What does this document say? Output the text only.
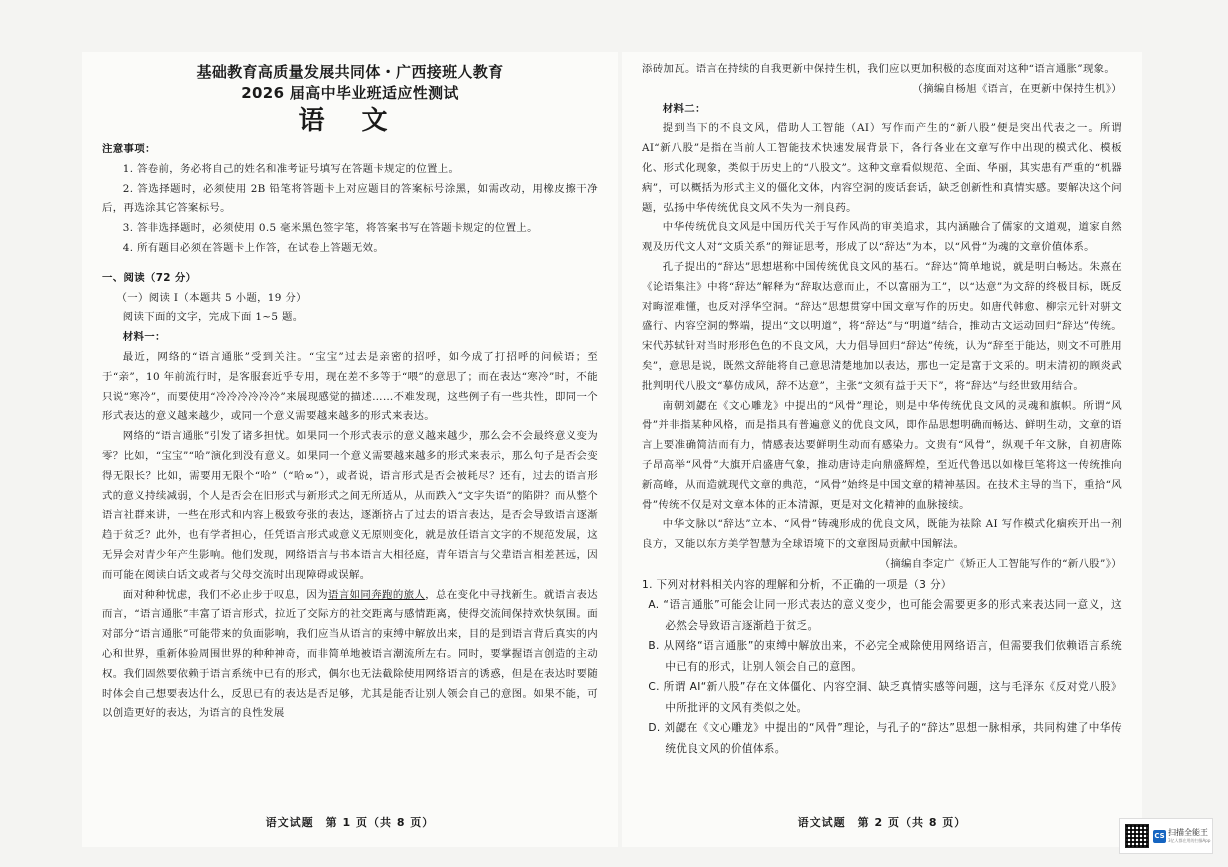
基础教育高质量发展共同体・广西接班人教育
2026 届高中毕业班适应性测试
语 文

注意事项：

1. 答卷前，务必将自己的姓名和准考证号填写在答题卡规定的位置上。

2. 答选择题时，必须使用 2B 铅笔将答题卡上对应题目的答案标号涂黑，如需改动，用橡皮擦干净后，再选涂其它答案标号。

3. 答非选择题时，必须使用 0.5 毫米黑色签字笔，将答案书写在答题卡规定的位置上。

4. 所有题目必须在答题卡上作答，在试卷上答题无效。

一、阅读（72 分）

（一）阅读 I（本题共 5 小题，19 分）

阅读下面的文字，完成下面 1~5 题。

材料一：

最近，网络的“语言通胀”受到关注。“宝宝”过去是亲密的招呼，如今成了打招呼的问候语；至于“亲”，10 年前流行时，是客服套近乎专用，现在差不多等于“喂”的意思了；而在表达“寒冷”时，不能只说“寒冷”，而要使用“冷冷冷冷冷冷”来展现感觉的描述……不难发现，这些例子有一些共性，即同一个形式表达的意义越来越少，或同一个意义需要越来越多的形式来表达。

网络的“语言通胀”引发了诸多担忧。如果同一个形式表示的意义越来越少，那么会不会最终意义变为零？比如，“宝宝”“哈”演化到没有意义。如果同一个意义需要越来越多的形式来表示，那么句子是否会变得无限长？比如，需要用无限个“哈”（“哈∞”），或者说，语言形式是否会被耗尽？还有，过去的语言形式的意义持续减弱，个人是否会在旧形式与新形式之间无所适从，从而跌入“文字失语”的陷阱？而从整个语言社群来讲，一些在形式和内容上极致夸张的表达，逐渐挤占了过去的语言表达，是否会导致语言逐渐趋于贫乏？此外，也有学者担心，任凭语言形式或意义无原则变化，就是放任语言文字的不规范发展，这无异会对青少年产生影响。他们发现，网络语言与书本语言大相径庭，青年语言与父辈语言相差甚远，因而可能在阅读白话文或者与父母交流时出现障碍或误解。

面对种种忧虑，我们不必止步于叹息，因为语言如同奔跑的旅人，总在变化中寻找新生。就语言表达而言，“语言通胀”丰富了语言形式，拉近了交际方的社交距离与感情距离，使得交流间保持欢快氛围。面对部分“语言通胀”可能带来的负面影响，我们应当从语言的束缚中解放出来，目的是到语言背后真实的内心和世界，重新体验周围世界的种种神奇，而非简单地被语言潮流所左右。同时，要掌握语言创造的主动权。我们固然要依赖于语言系统中已有的形式，偶尔也无法截除使用网络语言的诱惑，但是在表达时要随时体会自己想要表达什么，反思已有的表达是否足够，尤其是能否让别人领会自己的意图。如果不能，可以创造更好的表达，为语言的良性发展

语文试题　第 1 页（共 8 页）

添砖加瓦。语言在持续的自我更新中保持生机，我们应以更加积极的态度面对这种“语言通胀”现象。

（摘编自杨旭《语言，在更新中保持生机》）

材料二：

提到当下的不良文风，借助人工智能（AI）写作而产生的“新八股”便是突出代表之一。所谓 AI“新八股”是指在当前人工智能技术快速发展背景下，各行各业在文章写作中出现的模式化、模板化、形式化现象，类似于历史上的“八股文”。这种文章看似规范、全面、华丽，其实患有严重的“机器病”，可以概括为形式主义的僵化文体，内容空洞的废话套话，缺乏创新性和真情实感。要解决这个问题，弘扬中华传统优良文风不失为一剂良药。

中华传统优良文风是中国历代关于写作风尚的审美追求，其内涵融合了儒家的文道观，道家自然观及历代文人对“文质关系”的辩证思考，形成了以“辞达”为本，以“风骨”为魂的文章价值体系。

孔子提出的“辞达”思想堪称中国传统优良文风的基石。“辞达”简单地说，就是明白畅达。朱熹在《论语集注》中将“辞达”解释为“辞取达意而止，不以富丽为工”，以“达意”为文辞的终极目标，既反对晦涩难懂，也反对浮华空洞。“辞达”思想贯穿中国文章写作的历史。如唐代韩愈、柳宗元针对骈文盛行、内容空洞的弊端，提出“文以明道”，将“辞达”与“明道”结合，推动古文运动回归“辞达”传统。宋代苏轼针对当时形形色色的不良文风，大力倡导回归“辞达”传统，认为“辞至于能达，则文不可胜用矣”，意思是说，既然文辞能将自己意思清楚地加以表达，那也一定是富于文采的。明末清初的顾炎武批判明代八股文“摹仿成风，辞不达意”，主张“文须有益于天下”，将“辞达”与经世致用结合。

南朝刘勰在《文心雕龙》中提出的“风骨”理论，则是中华传统优良文风的灵魂和旗帜。所谓“风骨”并非指某种风格，而是指具有普遍意义的优良文风，即作品思想明确而畅达、鲜明生动，文章的语言上要准确简洁而有力，情感表达要鲜明生动而有感染力。文贵有“风骨”，纵观千年文脉，自初唐陈子昂高举“风骨”大旗开启盛唐气象，推动唐诗走向鼎盛辉煌，至近代鲁迅以如椽巨笔将这一传统推向新高峰，从而造就现代文章的典范，“风骨”始终是中国文章的精神基因。在技术主导的当下，重拾“风骨”传统不仅是对文章本体的正本清源，更是对文化精神的血脉接续。

中华文脉以“辞达”立本、“风骨”铸魂形成的优良文风，既能为祛除 AI 写作模式化痼疾开出一剂良方，又能以东方美学智慧为全球语境下的文章图局贡献中国解法。

（摘编自李定广《矫正人工智能写作的“新八股”》）

1. 下列对材料相关内容的理解和分析，不正确的一项是（3 分）

A. “语言通胀”可能会让同一形式表达的意义变少，也可能会需要更多的形式来表达同一意义，这必然会导致语言逐渐趋于贫乏。

B. 从网络“语言通胀”的束缚中解放出来，不必完全戒除使用网络语言，但需要我们依赖语言系统中已有的形式，让别人领会自己的意图。

C. 所谓 AI“新八股”存在文体僵化、内容空洞、缺乏真情实感等问题，这与毛泽东《反对党八股》中所批评的文风有类似之处。

D. 刘勰在《文心雕龙》中提出的“风骨”理论，与孔子的“辞达”思想一脉相承，共同构建了中华传统优良文风的价值体系。

语文试题　第 2 页（共 8 页）
CS 扫描全能王
3亿人都在用的扫描App
